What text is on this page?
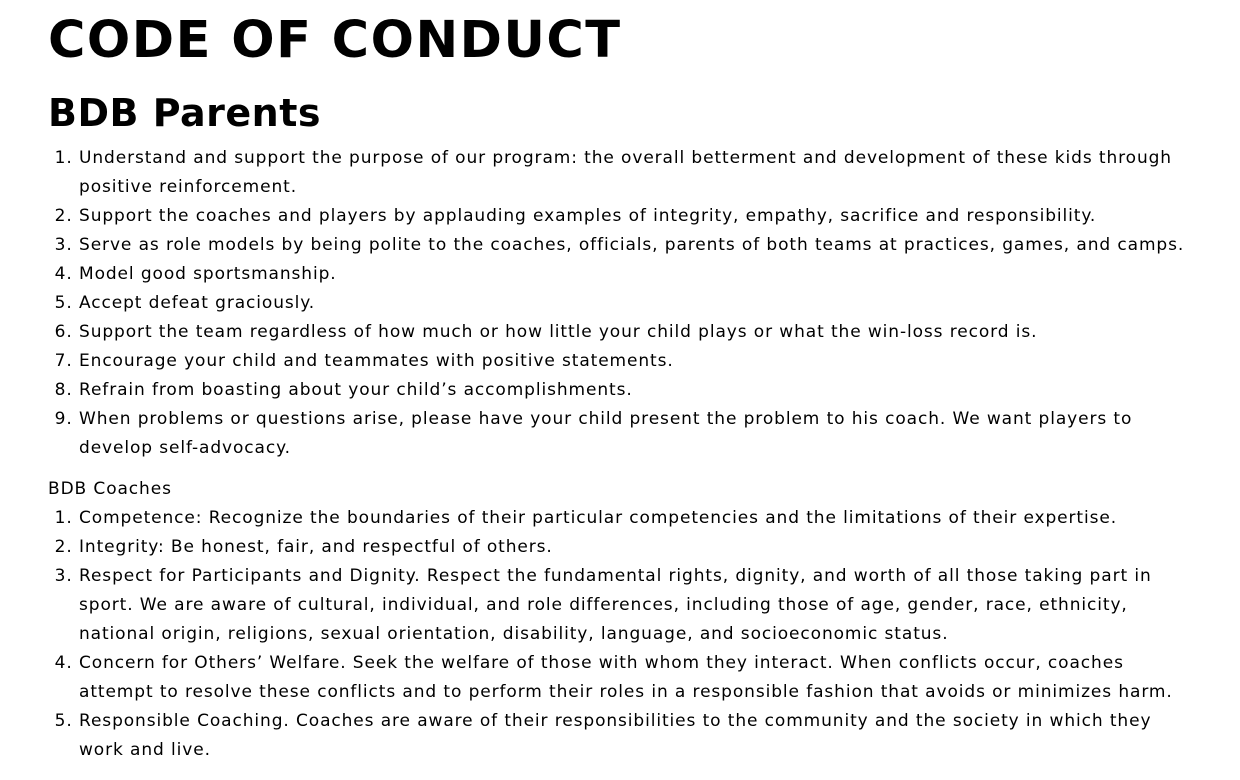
CODE OF CONDUCT
BDB Parents
1. Understand and support the purpose of our program: the overall betterment and development of these kids through positive reinforcement.
2. Support the coaches and players by applauding examples of integrity, empathy, sacrifice and responsibility.
3. Serve as role models by being polite to the coaches, officials, parents of both teams at practices, games, and camps.
4. Model good sportsmanship.
5. Accept defeat graciously.
6. Support the team regardless of how much or how little your child plays or what the win-loss record is.
7. Encourage your child and teammates with positive statements.
8. Refrain from boasting about your child’s accomplishments.
9. When problems or questions arise, please have your child present the problem to his coach. We want players to develop self-advocacy.

BDB Coaches

1. Competence: Recognize the boundaries of their particular competencies and the limitations of their expertise.
2. Integrity: Be honest, fair, and respectful of others.
3. Respect for Participants and Dignity. Respect the fundamental rights, dignity, and worth of all those taking part in sport. We are aware of cultural, individual, and role differences, including those of age, gender, race, ethnicity, national origin, religions, sexual orientation, disability, language, and socioeconomic status.
4. Concern for Others’ Welfare. Seek the welfare of those with whom they interact. When conflicts occur, coaches attempt to resolve these conflicts and to perform their roles in a responsible fashion that avoids or minimizes harm.
5. Responsible Coaching. Coaches are aware of their responsibilities to the community and the society in which they work and live.
